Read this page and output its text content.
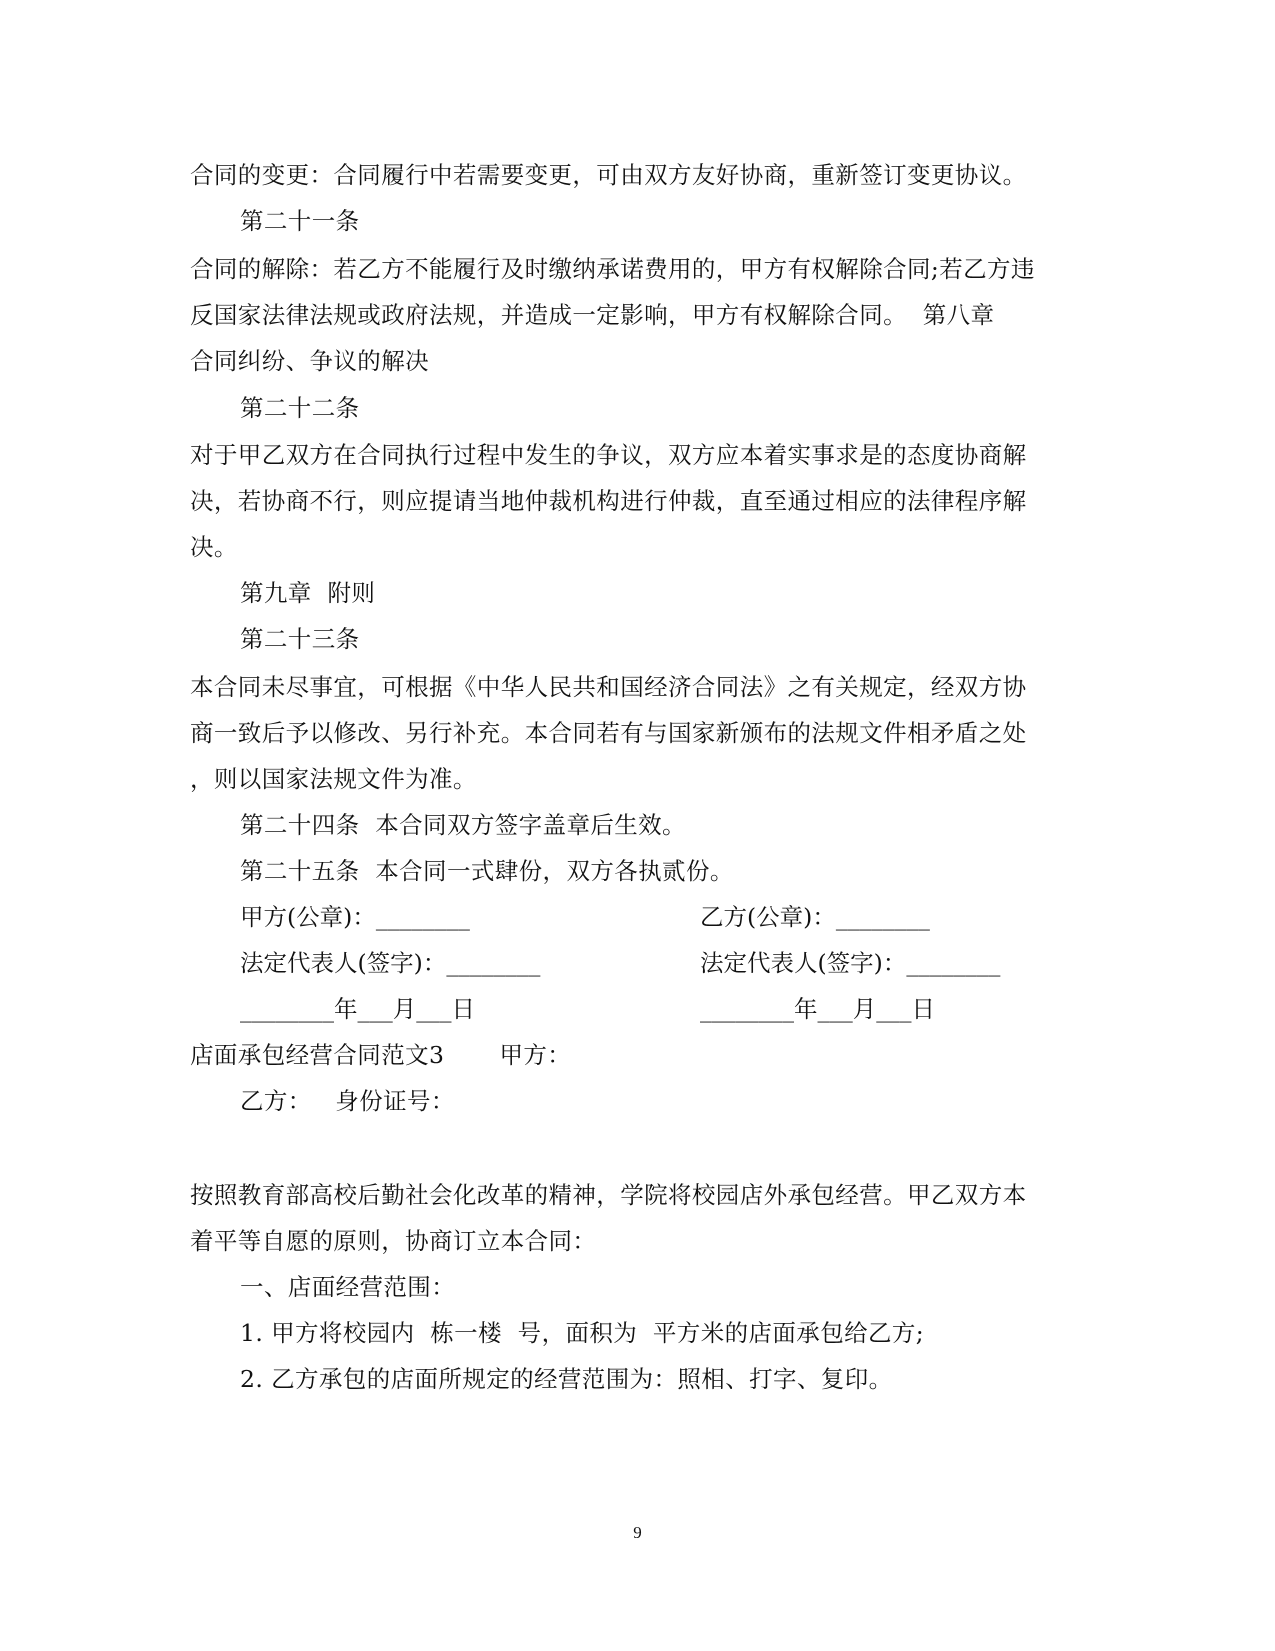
合同的变更：合同履行中若需要变更，可由双方友好协商，重新签订变更协议。
第二十一条
合同的解除：若乙方不能履行及时缴纳承诺费用的，甲方有权解除合同;若乙方违
反国家法律法规或政府法规，并造成一定影响，甲方有权解除合同。  第八章
合同纠纷、争议的解决
第二十二条
对于甲乙双方在合同执行过程中发生的争议，双方应本着实事求是的态度协商解
决，若协商不行，则应提请当地仲裁机构进行仲裁，直至通过相应的法律程序解
决。
第九章  附则
第二十三条
本合同未尽事宜，可根据《中华人民共和国经济合同法》之有关规定，经双方协
商一致后予以修改、另行补充。本合同若有与国家新颁布的法规文件相矛盾之处
，则以国家法规文件为准。
第二十四条  本合同双方签字盖章后生效。
第二十五条  本合同一式肆份，双方各执贰份。
甲方(公章)：________	乙方(公章)：________
法定代表人(签字)：________	法定代表人(签字)：________
________年___月___日	________年___月___日
店面承包经营合同范文3       甲方：
乙方：   身份证号：
按照教育部高校后勤社会化改革的精神，学院将校园店外承包经营。甲乙双方本
着平等自愿的原则，协商订立本合同：
一、店面经营范围：
1. 甲方将校园内  栋一楼  号，面积为  平方米的店面承包给乙方;
2. 乙方承包的店面所规定的经营范围为：照相、打字、复印。
9
